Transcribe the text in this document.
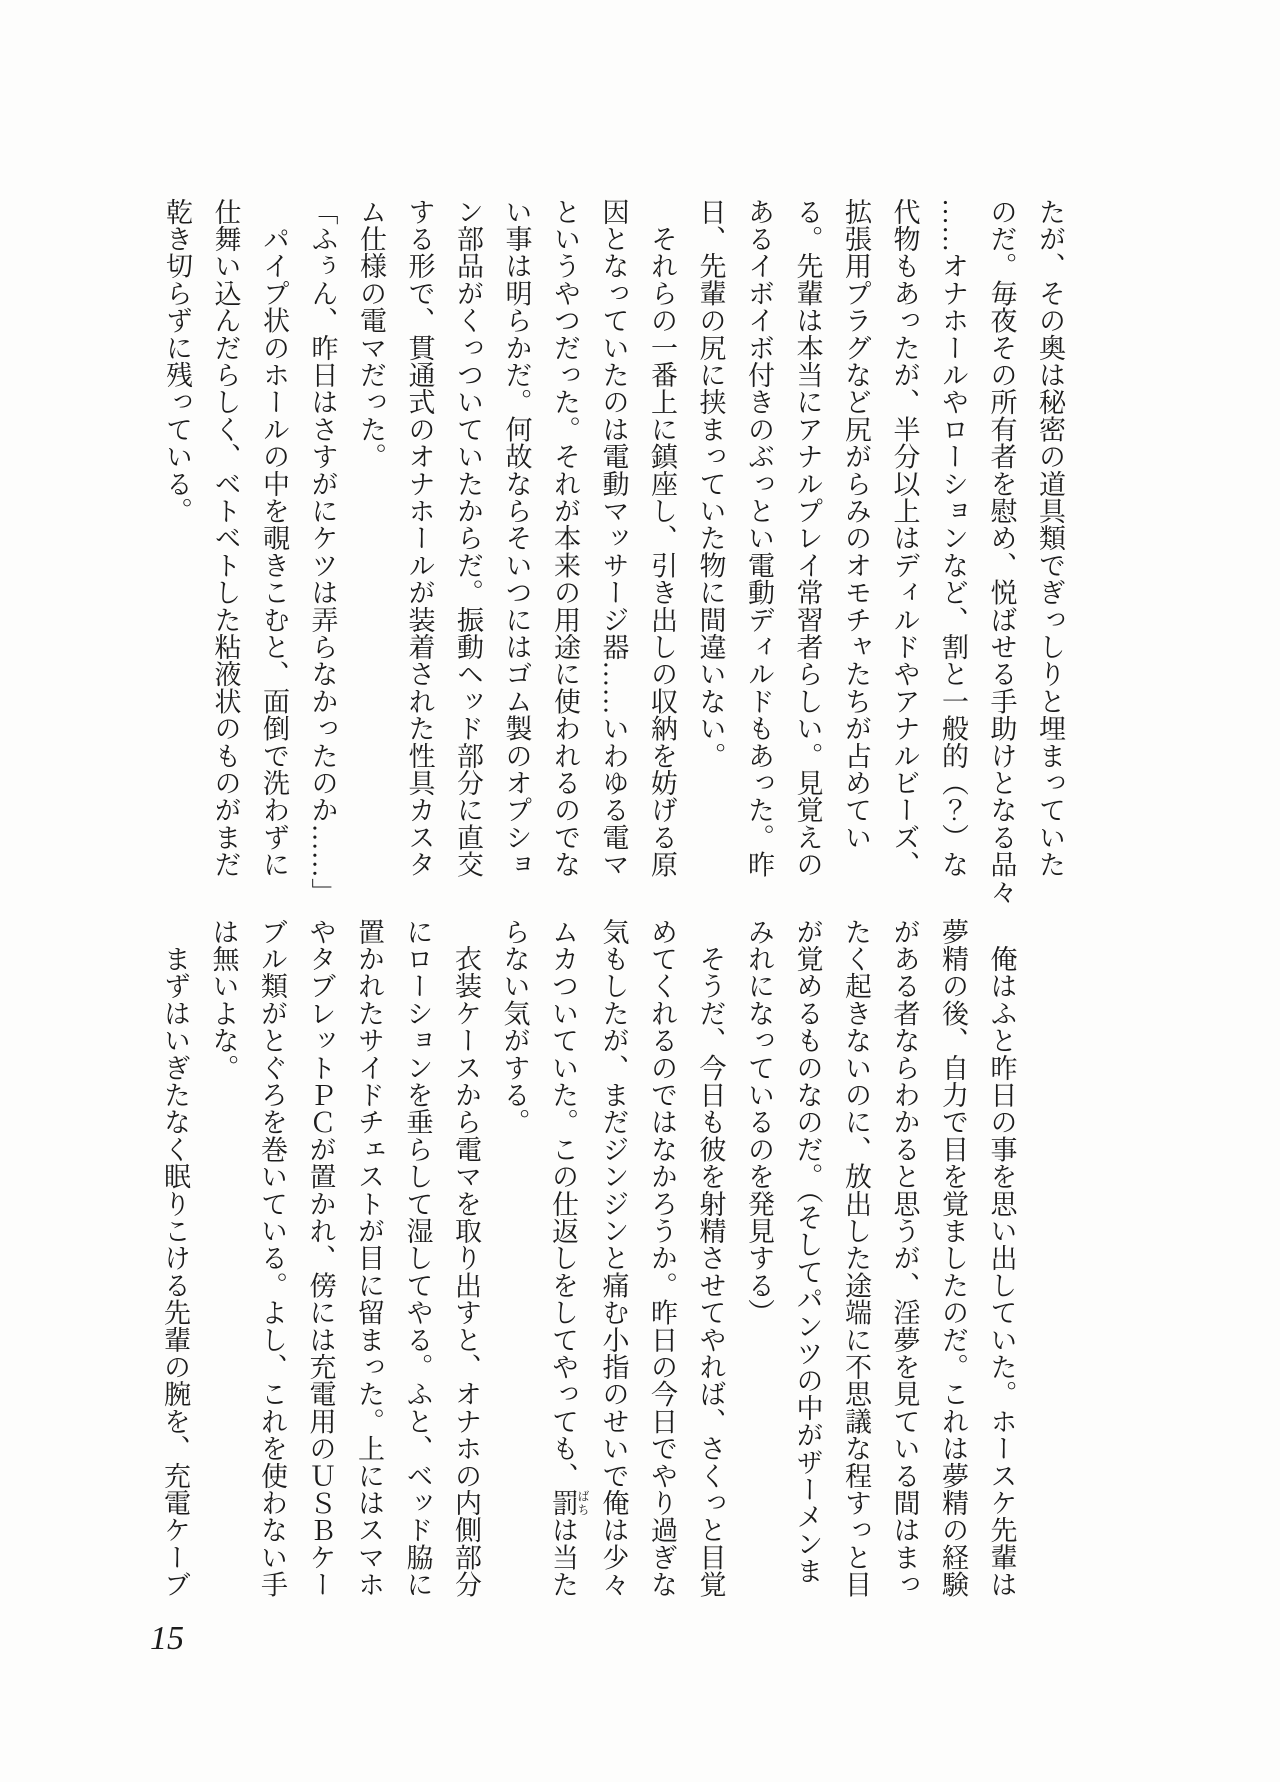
たが、その奥は秘密の道具類でぎっしりと埋まっていた
のだ。毎夜その所有者を慰め、悦ばせる手助けとなる品々
……オナホールやローションなど、割と一般的（？）な
代物もあったが、半分以上はディルドやアナルビーズ、
拡張用プラグなど尻がらみのオモチャたちが占めてい
る。先輩は本当にアナルプレイ常習者らしい。見覚えの
あるイボイボ付きのぶっとい電動ディルドもあった。昨
日、先輩の尻に挟まっていた物に間違いない。
　それらの一番上に鎮座し、引き出しの収納を妨げる原
因となっていたのは電動マッサージ器……いわゆる電マ
というやつだった。それが本来の用途に使われるのでな
い事は明らかだ。何故ならそいつにはゴム製のオプショ
ン部品がくっついていたからだ。振動ヘッド部分に直交
する形で、貫通式のオナホールが装着された性具カスタ
ム仕様の電マだった。
「ふぅん、昨日はさすがにケツは弄らなかったのか……」
　パイプ状のホールの中を覗きこむと、面倒で洗わずに
仕舞い込んだらしく、ベトベトした粘液状のものがまだ
乾き切らずに残っている。
　俺はふと昨日の事を思い出していた。ホースケ先輩は
夢精の後、自力で目を覚ましたのだ。これは夢精の経験
がある者ならわかると思うが、淫夢を見ている間はまっ
たく起きないのに、放出した途端に不思議な程すっと目
が覚めるものなのだ。（そしてパンツの中がザーメンま
みれになっているのを発見する）
　そうだ、今日も彼を射精させてやれば、さくっと目覚
めてくれるのではなかろうか。昨日の今日でやり過ぎな
気もしたが、まだジンジンと痛む小指のせいで俺は少々
ムカついていた。この仕返しをしてやっても、罰ばちは当た
らない気がする。
　衣装ケースから電マを取り出すと、オナホの内側部分
にローションを垂らして湿してやる。ふと、ベッド脇に
置かれたサイドチェストが目に留まった。上にはスマホ
やタブレットＰＣが置かれ、傍には充電用のＵＳＢケー
ブル類がとぐろを巻いている。よし、これを使わない手
は無いよな。
　まずはいぎたなく眠りこける先輩の腕を、充電ケーブ
15
